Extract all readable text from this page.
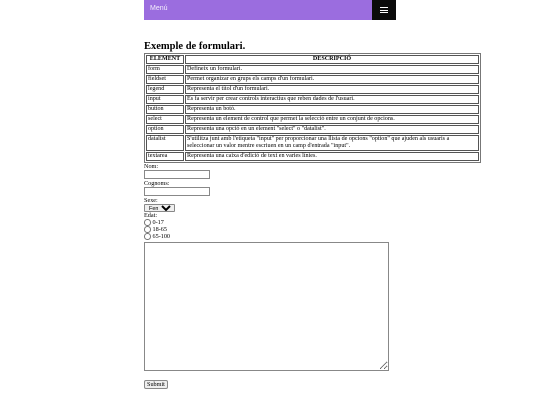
Menú
Exemple de formulari.
ELEMENT	DESCRIPCIÓ
form	Defineix un formulari.
fieldset	Permet organizar en grups els camps d'un formulari.
legend	Representa el títol d'un formulari.
input	Es fa servir per crear controls interactius que reben dades de l'usuari.
button	Representa un botó.
select	Representa un element de control que permet la selecció entre un conjunt de opcions.
option	Representa una opció en un element "select" o "datalist".
datalist	S'utilitza junt amb l'etiqueta "input" per proporcionar una llista de opcions "option" que ajuden als usuaris a seleccionar un valor mentre escriuen en un camp d'entrada "input".
textarea	Representa una caixa d'edició de text en varies línies.
Nom:
Cognoms:
Sexe:
Femení
Edat:
0-17
18-65
65-100
Submit
